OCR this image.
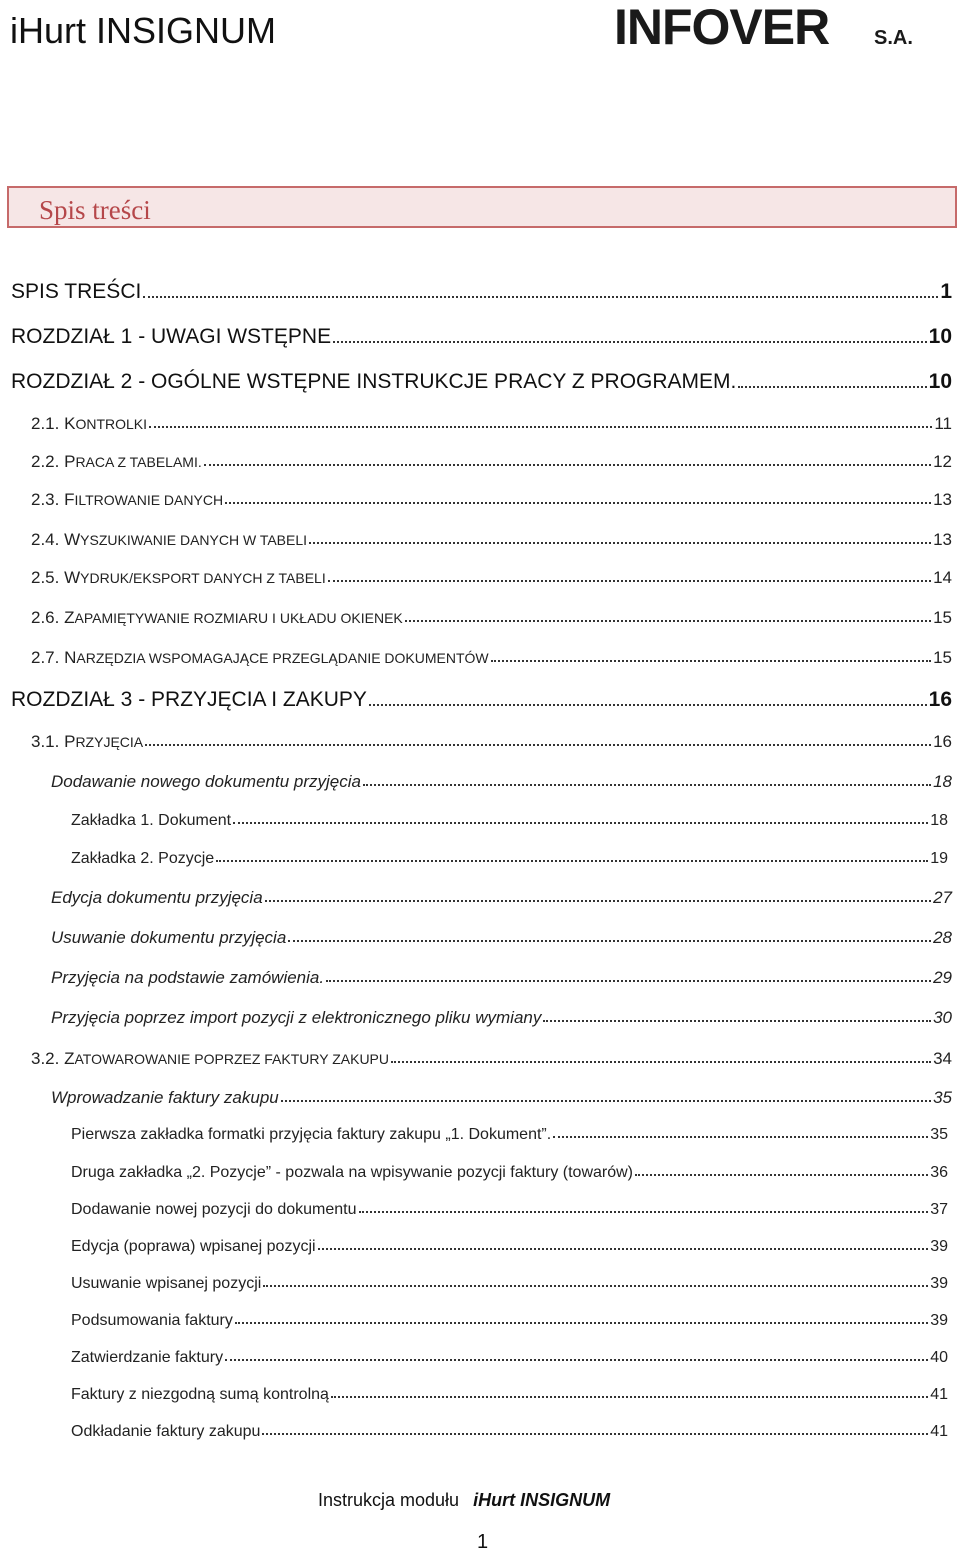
iHurt INSIGNUM	INFOVER S.A.
Spis treści
SPIS TREŚCI	1
ROZDZIAŁ 1 - UWAGI WSTĘPNE	10
ROZDZIAŁ 2 - OGÓLNE WSTĘPNE INSTRUKCJE PRACY Z PROGRAMEM.	10
2.1. KONTROLKI	11
2.2. PRACA Z TABELAMI.	12
2.3. FILTROWANIE DANYCH	13
2.4. WYSZUKIWANIE DANYCH W TABELI	13
2.5. WYDRUK/EKSPORT DANYCH Z TABELI	14
2.6. ZAPAMIĘTYWANIE ROZMIARU I UKŁADU OKIENEK	15
2.7. NARZĘDZIA WSPOMAGAJĄCE PRZEGLĄDANIE DOKUMENTÓW	15
ROZDZIAŁ 3 - PRZYJĘCIA I ZAKUPY	16
3.1. PRZYJĘCIA	16
Dodawanie nowego dokumentu przyjęcia	18
Zakładka 1. Dokument	18
Zakładka 2. Pozycje	19
Edycja dokumentu przyjęcia	27
Usuwanie dokumentu przyjęcia	28
Przyjęcia na podstawie zamówienia.	29
Przyjęcia poprzez import pozycji z elektronicznego pliku wymiany	30
3.2. ZATOWAROWANIE POPRZEZ FAKTURY ZAKUPU	34
Wprowadzanie faktury zakupu	35
Pierwsza zakładka formatki przyjęcia faktury zakupu „1. Dokument”.	35
Druga zakładka „2. Pozycje” - pozwala na wpisywanie pozycji faktury (towarów)	36
Dodawanie nowej pozycji do dokumentu	37
Edycja (poprawa) wpisanej pozycji	39
Usuwanie wpisanej pozycji	39
Podsumowania faktury	39
Zatwierdzanie faktury	40
Faktury z niezgodną sumą kontrolną	41
Odkładanie faktury zakupu	41
Instrukcja modułu iHurt INSIGNUM
1
